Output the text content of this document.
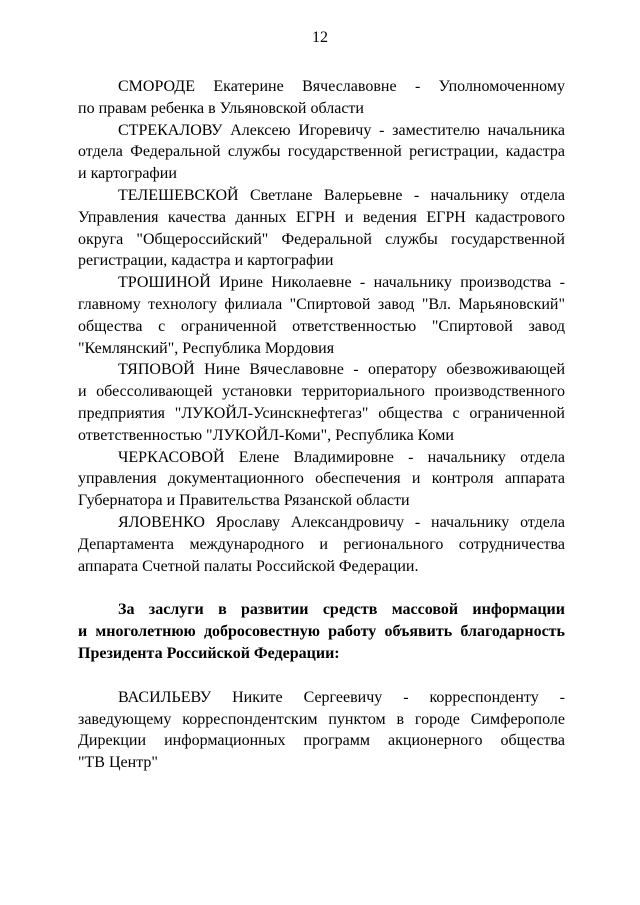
12
СМОРОДЕ Екатерине Вячеславовне - Уполномоченному
по правам ребенка в Ульяновской области
СТРЕКАЛОВУ Алексею Игоревичу - заместителю начальника
отдела Федеральной службы государственной регистрации, кадастра
и картографии
ТЕЛЕШЕВСКОЙ Светлане Валерьевне - начальнику отдела
Управления качества данных ЕГРН и ведения ЕГРН кадастрового
округа "Общероссийский" Федеральной службы государственной
регистрации, кадастра и картографии
ТРОШИНОЙ Ирине Николаевне - начальнику производства -
главному технологу филиала "Спиртовой завод "Вл. Марьяновский"
общества с ограниченной ответственностью "Спиртовой завод
"Кемлянский", Республика Мордовия
ТЯПОВОЙ Нине Вячеславовне - оператору обезвоживающей
и обессоливающей установки территориального производственного
предприятия "ЛУКОЙЛ-Усинскнефтегаз" общества с ограниченной
ответственностью "ЛУКОЙЛ-Коми", Республика Коми
ЧЕРКАСОВОЙ Елене Владимировне - начальнику отдела
управления документационного обеспечения и контроля аппарата
Губернатора и Правительства Рязанской области
ЯЛОВЕНКО Ярославу Александровичу - начальнику отдела
Департамента международного и регионального сотрудничества
аппарата Счетной палаты Российской Федерации.
За заслуги в развитии средств массовой информации
и многолетнюю добросовестную работу объявить благодарность
Президента Российской Федерации:
ВАСИЛЬЕВУ Никите Сергеевичу - корреспонденту -
заведующему корреспондентским пунктом в городе Симферополе
Дирекции информационных программ акционерного общества
"ТВ Центр"
